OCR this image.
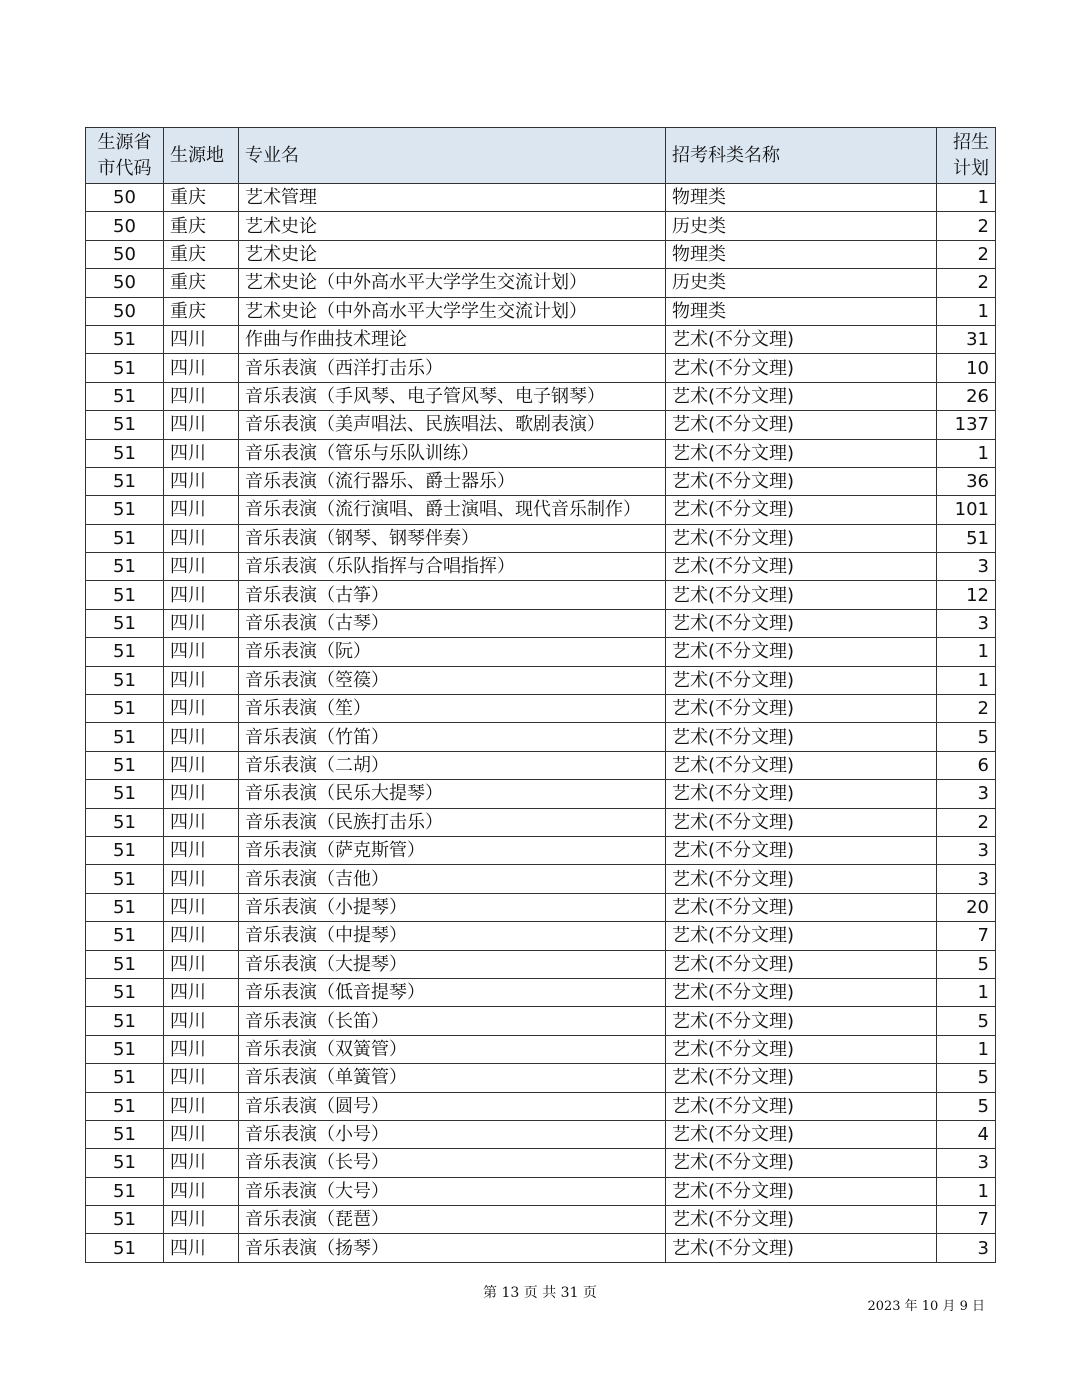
生源省市代码	生源地	专业名	招考科类名称	招生计划
50	重庆	艺术管理	物理类	1
50	重庆	艺术史论	历史类	2
50	重庆	艺术史论	物理类	2
50	重庆	艺术史论（中外高水平大学学生交流计划）	历史类	2
50	重庆	艺术史论（中外高水平大学学生交流计划）	物理类	1
51	四川	作曲与作曲技术理论	艺术(不分文理)	31
51	四川	音乐表演（西洋打击乐）	艺术(不分文理)	10
51	四川	音乐表演（手风琴、电子管风琴、电子钢琴）	艺术(不分文理)	26
51	四川	音乐表演（美声唱法、民族唱法、歌剧表演）	艺术(不分文理)	137
51	四川	音乐表演（管乐与乐队训练）	艺术(不分文理)	1
51	四川	音乐表演（流行器乐、爵士器乐）	艺术(不分文理)	36
51	四川	音乐表演（流行演唱、爵士演唱、现代音乐制作）	艺术(不分文理)	101
51	四川	音乐表演（钢琴、钢琴伴奏）	艺术(不分文理)	51
51	四川	音乐表演（乐队指挥与合唱指挥）	艺术(不分文理)	3
51	四川	音乐表演（古筝）	艺术(不分文理)	12
51	四川	音乐表演（古琴）	艺术(不分文理)	3
51	四川	音乐表演（阮）	艺术(不分文理)	1
51	四川	音乐表演（箜篌）	艺术(不分文理)	1
51	四川	音乐表演（笙）	艺术(不分文理)	2
51	四川	音乐表演（竹笛）	艺术(不分文理)	5
51	四川	音乐表演（二胡）	艺术(不分文理)	6
51	四川	音乐表演（民乐大提琴）	艺术(不分文理)	3
51	四川	音乐表演（民族打击乐）	艺术(不分文理)	2
51	四川	音乐表演（萨克斯管）	艺术(不分文理)	3
51	四川	音乐表演（吉他）	艺术(不分文理)	3
51	四川	音乐表演（小提琴）	艺术(不分文理)	20
51	四川	音乐表演（中提琴）	艺术(不分文理)	7
51	四川	音乐表演（大提琴）	艺术(不分文理)	5
51	四川	音乐表演（低音提琴）	艺术(不分文理)	1
51	四川	音乐表演（长笛）	艺术(不分文理)	5
51	四川	音乐表演（双簧管）	艺术(不分文理)	1
51	四川	音乐表演（单簧管）	艺术(不分文理)	5
51	四川	音乐表演（圆号）	艺术(不分文理)	5
51	四川	音乐表演（小号）	艺术(不分文理)	4
51	四川	音乐表演（长号）	艺术(不分文理)	3
51	四川	音乐表演（大号）	艺术(不分文理)	1
51	四川	音乐表演（琵琶）	艺术(不分文理)	7
51	四川	音乐表演（扬琴）	艺术(不分文理)	3
第 13 页 共 31 页
2023 年 10 月 9 日
